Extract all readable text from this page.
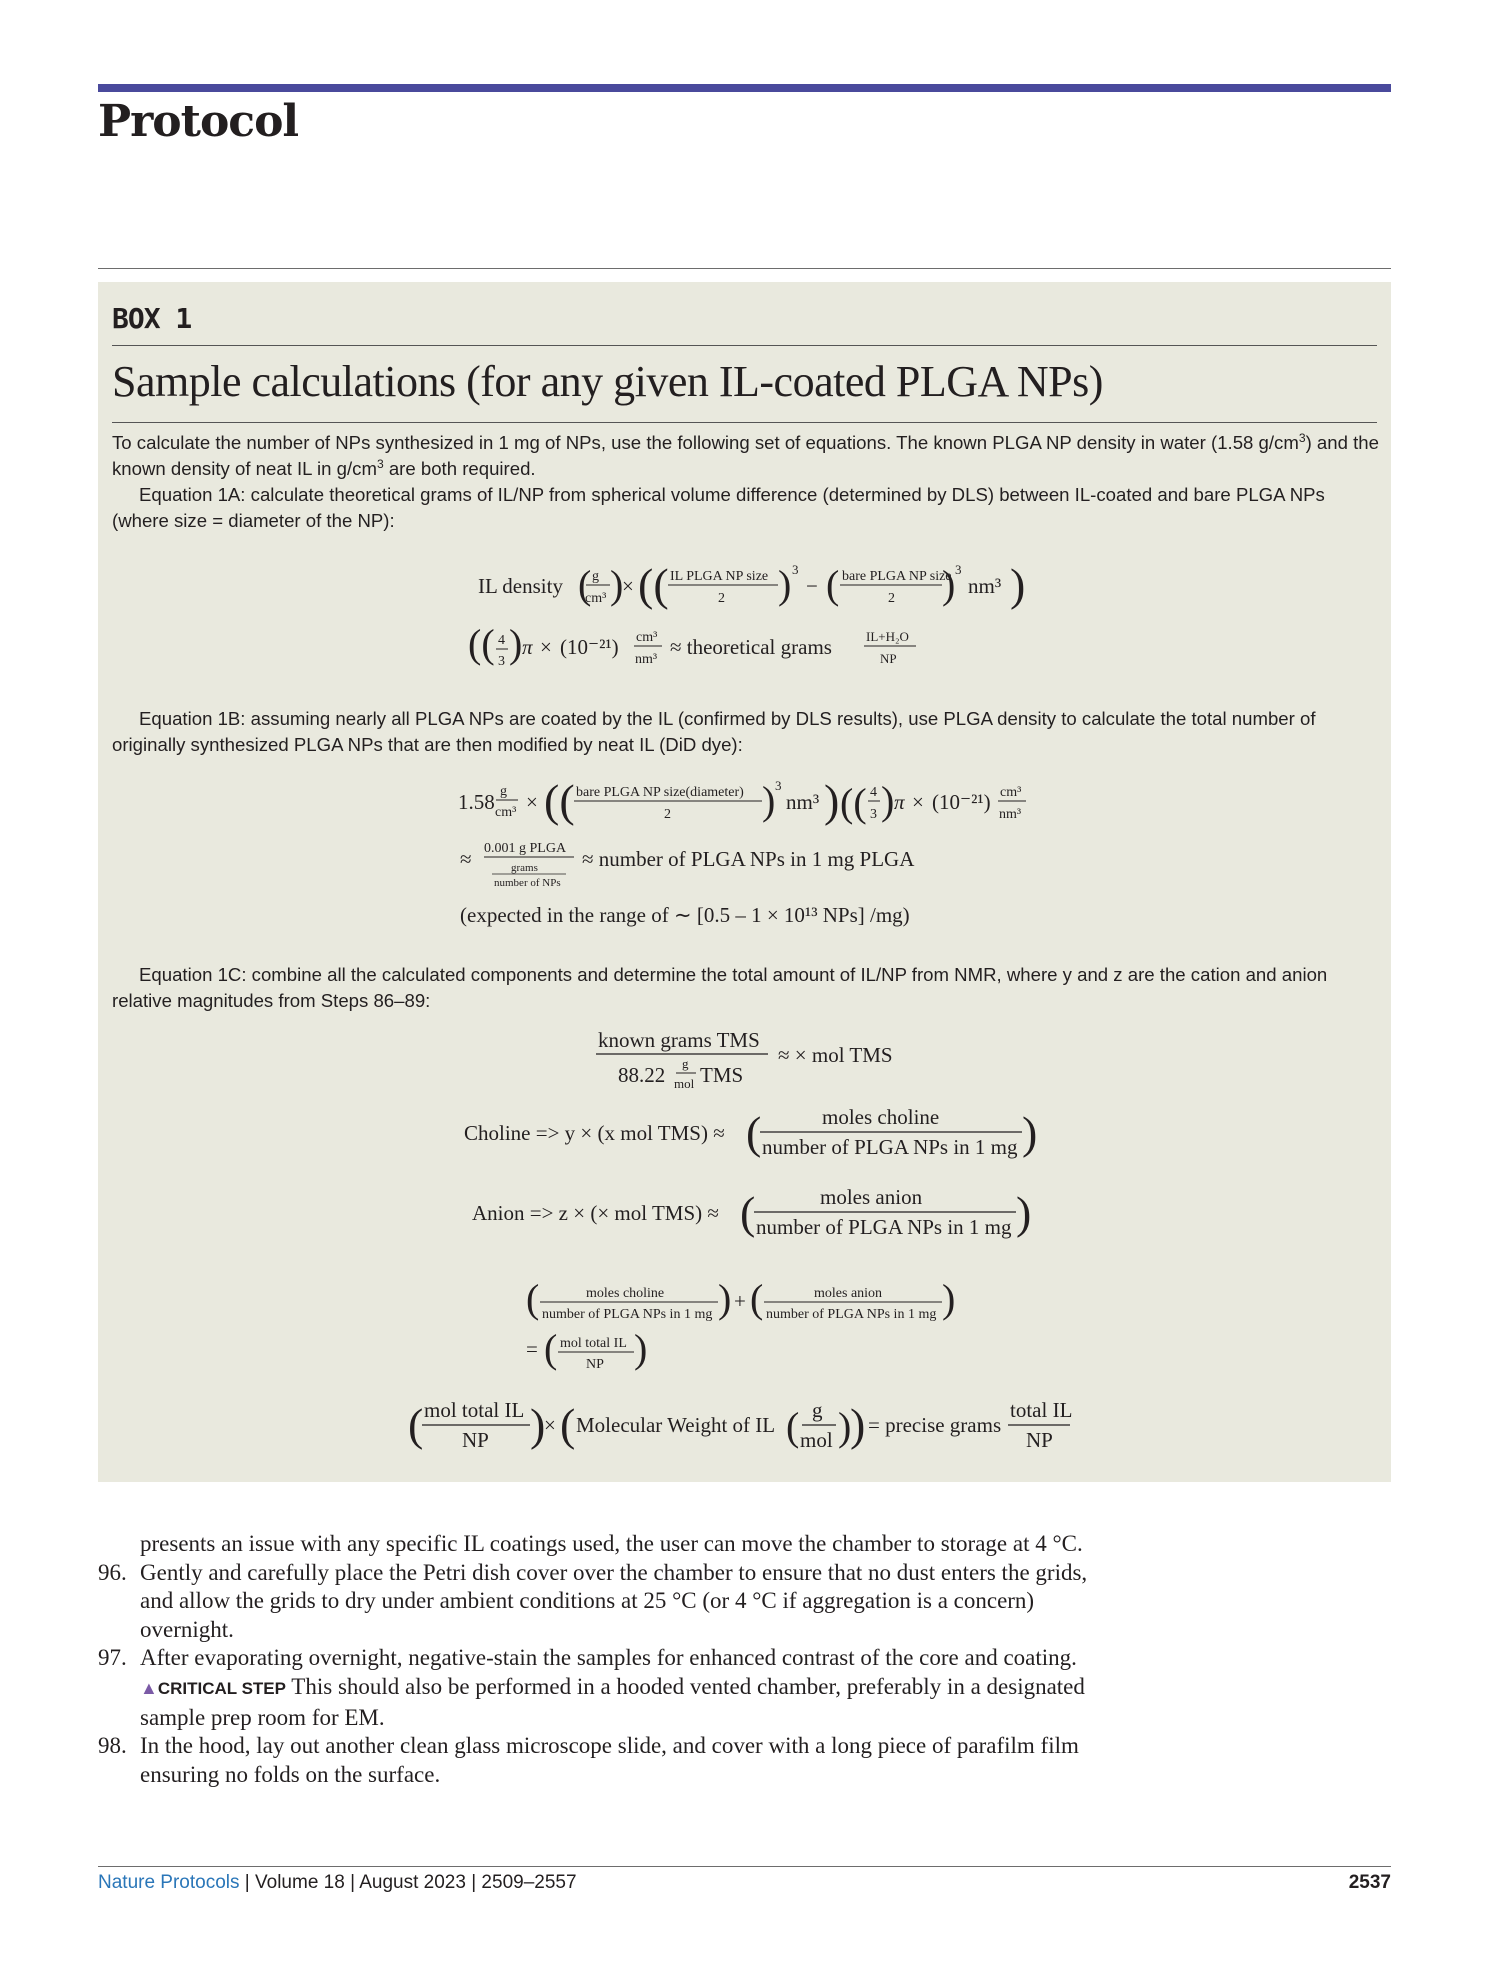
Protocol
BOX 1
Sample calculations (for any given IL-coated PLGA NPs)
To calculate the number of NPs synthesized in 1 mg of NPs, use the following set of equations. The known PLGA NP density in water (1.58 $g/cm^3$) and the known density of neat IL in $g/cm^3$ are both required.
Equation 1A: calculate theoretical grams of IL/NP from spherical volume difference (determined by DLS) between IL-coated and bare PLGA NPs (where size = diameter of the NP):
Equation 1B: assuming nearly all PLGA NPs are coated by the IL (confirmed by DLS results), use PLGA density to calculate the total number of originally synthesized PLGA NPs that are then modified by neat IL (DiD dye):
Equation 1C: combine all the calculated components and determine the total amount of IL/NP from NMR, where y and z are the cation and anion relative magnitudes from Steps 86–89:
IL density ( g
cm³ )
× (( IL PLGA NP size
2 ) 3
− ( bare PLGA NP size
2 ) 3
nm³ )
(( 4
3 ) π × (10⁻²¹) cm³
nm³
≈ theoretical grams	IL+H₂O
NP
1.58 g
cm³ × (( bare PLGA NP size(diameter)
2 ) 3
nm³ ) (( 4
3 ) π × (10⁻²¹) cm³
nm³
≈ 0.001 g PLGA
grams
number of NPs
≈ number of PLGA NPs in 1 mg PLGA
(expected in the range of ∼ [0.5 – 1 × 10¹³ NPs] /mg)
known grams TMS
88.22 g
mol TMS
≈ × mol TMS
Choline => y × (x mol TMS) ≈ (	moles choline
number of PLGA NPs in 1 mg )
Anion => z × (× mol TMS) ≈ (	moles anion
number of PLGA NPs in 1 mg )
(	moles choline
number of PLGA NPs in 1 mg ) + (	moles anion
number of PLGA NPs in 1 mg )
= ( mol total IL
NP )
( mol total IL
NP )
× ( Molecular Weight of IL ( g
mol )
) = precise grams
total IL
NP
presents an issue with any specific IL coatings used, the user can move the chamber to storage at 4 °C.
96. Gently and carefully place the Petri dish cover over the chamber to ensure that no dust enters the grids, and allow the grids to dry under ambient conditions at 25 °C (or 4 °C if aggregation is a concern) overnight.
97. After evaporating overnight, negative-stain the samples for enhanced contrast of the core and coating.
▲CRITICAL STEP This should also be performed in a hooded vented chamber, preferably in a designated sample prep room for EM.
98. In the hood, lay out another clean glass microscope slide, and cover with a long piece of parafilm film ensuring no folds on the surface.
Nature Protocols | Volume 18 | August 2023 | 2509–2557	2537
